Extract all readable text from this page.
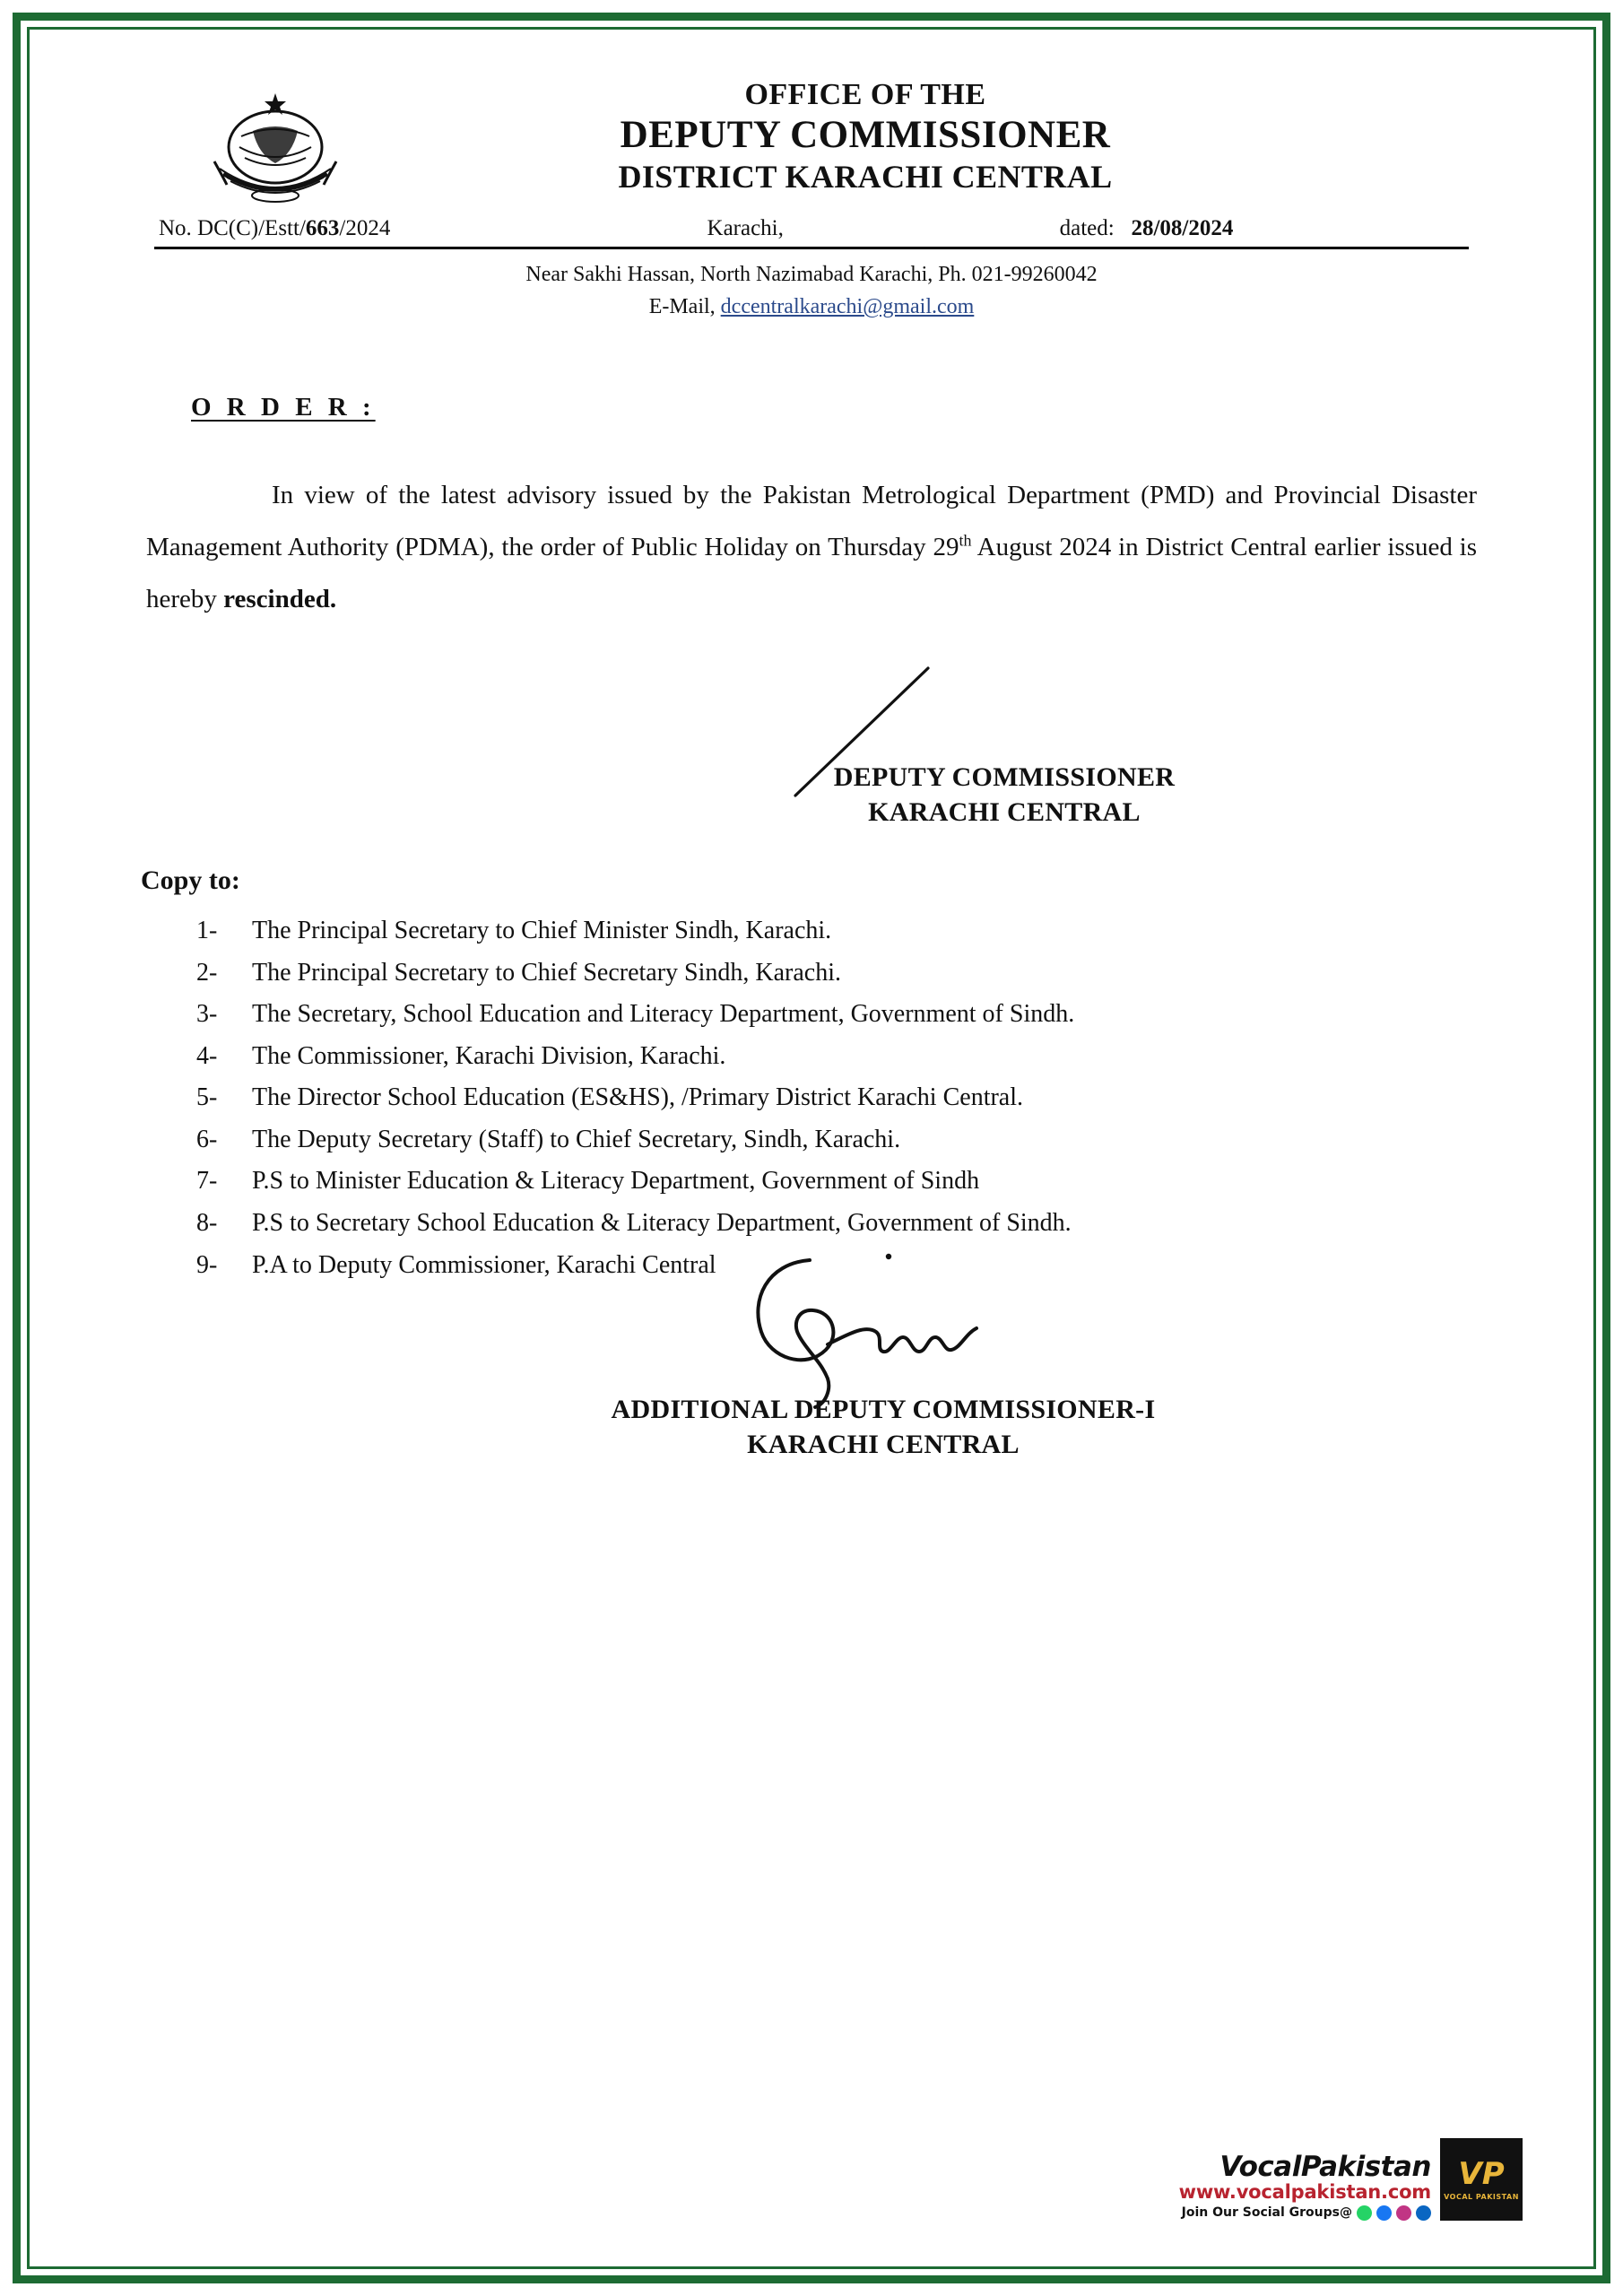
OFFICE OF THE
DEPUTY COMMISSIONER
DISTRICT KARACHI CENTRAL
No. DC(C)/Estt/663/2024	Karachi,	dated: 28/08/2024
Near Sakhi Hassan, North Nazimabad Karachi, Ph. 021-99260042
E-Mail, dccentralkarachi@gmail.com
O R D E R :

In view of the latest advisory issued by the Pakistan Metrological Department (PMD) and Provincial Disaster Management Authority (PDMA), the order of Public Holiday on Thursday 29th August 2024 in District Central earlier issued is hereby rescinded.

DEPUTY COMMISSIONER
KARACHI CENTRAL
Copy to:
1-	The Principal Secretary to Chief Minister Sindh, Karachi.
2-	The Principal Secretary to Chief Secretary Sindh, Karachi.
3-	The Secretary, School Education and Literacy Department, Government of Sindh.
4-	The Commissioner, Karachi Division, Karachi.
5-	The Director School Education (ES&HS), /Primary District Karachi Central.
6-	The Deputy Secretary (Staff) to Chief Secretary, Sindh, Karachi.
7-	P.S to Minister Education & Literacy Department, Government of Sindh
8-	P.S to Secretary School Education & Literacy Department, Government of Sindh.
9-	P.A to Deputy Commissioner, Karachi Central
ADDITIONAL DEPUTY COMMISSIONER-I
KARACHI CENTRAL
VocalPakistan
www.vocalpakistan.com
Join Our Social Groups@
VP
VOCAL PAKISTAN
